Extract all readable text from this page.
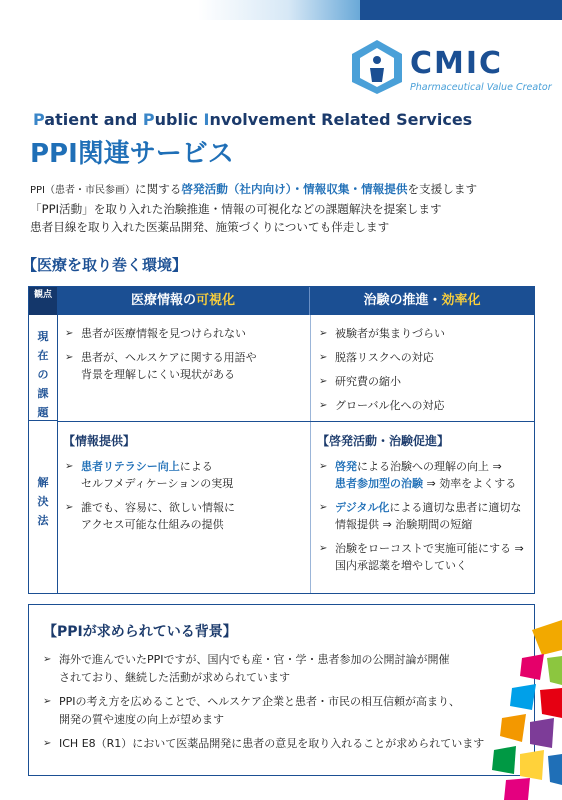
CMIC
Pharmaceutical Value Creator
Patient and Public Involvement Related Services
PPI関連サービス
PPI（患者・市民参画）に関する啓発活動（社内向け）・情報収集・情報提供を支援します
「PPI活動」を取り入れた治験推進・情報の可視化などの課題解決を提案します
患者目線を取り入れた医薬品開発、施策づくりについても伴走します
【医療を取り巻く環境】
観点	医療情報の可視化	治験の推進・効率化
現在の課題
解決法
➢ 患者が医療情報を見つけられない
➢ 患者が、ヘルスケアに関する用語や
背景を理解しにくい現状がある
➢ 被験者が集まりづらい
➢ 脱落リスクへの対応
➢ 研究費の縮小
➢ グローバル化への対応
【情報提供】
➢ 患者リテラシー向上による
セルフメディケーションの実現
➢ 誰でも、容易に、欲しい情報に
アクセス可能な仕組みの提供
【啓発活動・治験促進】
➢ 啓発による治験への理解の向上 ⇒
患者参加型の治験 ⇒ 効率をよくする
➢ デジタル化による適切な患者に適切な
情報提供 ⇒ 治験期間の短縮
➢ 治験をローコストで実施可能にする ⇒
国内承認薬を増やしていく
【PPIが求められている背景】
➢ 海外で進んでいたPPIですが、国内でも産・官・学・患者参加の公開討論が開催
されており、継続した活動が求められています
➢ PPIの考え方を広めることで、ヘルスケア企業と患者・市民の相互信頼が高まり、
開発の質や速度の向上が望めます
➢ ICH E8（R1）において医薬品開発に患者の意見を取り入れることが求められています
